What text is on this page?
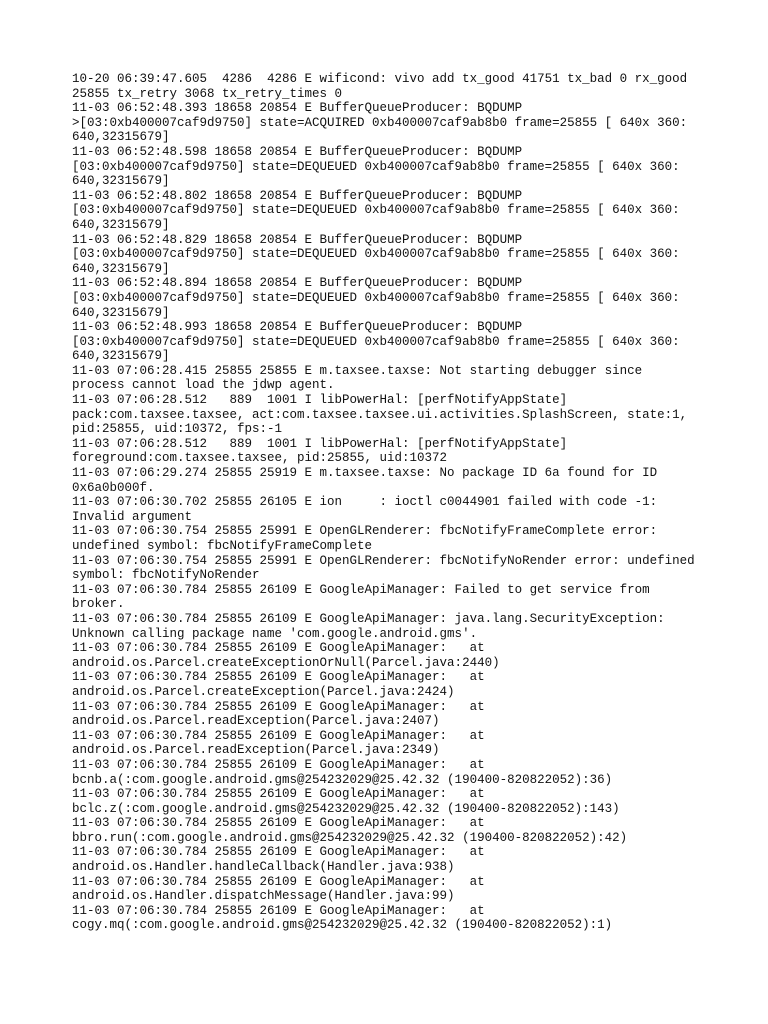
10-20 06:39:47.605  4286  4286 E wificond: vivo add tx_good 41751 tx_bad 0 rx_good
25855 tx_retry 3068 tx_retry_times 0
11-03 06:52:48.393 18658 20854 E BufferQueueProducer: BQDUMP
>[03:0xb400007caf9d9750] state=ACQUIRED 0xb400007caf9ab8b0 frame=25855 [ 640x 360:
640,32315679]
11-03 06:52:48.598 18658 20854 E BufferQueueProducer: BQDUMP
[03:0xb400007caf9d9750] state=DEQUEUED 0xb400007caf9ab8b0 frame=25855 [ 640x 360:
640,32315679]
11-03 06:52:48.802 18658 20854 E BufferQueueProducer: BQDUMP
[03:0xb400007caf9d9750] state=DEQUEUED 0xb400007caf9ab8b0 frame=25855 [ 640x 360:
640,32315679]
11-03 06:52:48.829 18658 20854 E BufferQueueProducer: BQDUMP
[03:0xb400007caf9d9750] state=DEQUEUED 0xb400007caf9ab8b0 frame=25855 [ 640x 360:
640,32315679]
11-03 06:52:48.894 18658 20854 E BufferQueueProducer: BQDUMP
[03:0xb400007caf9d9750] state=DEQUEUED 0xb400007caf9ab8b0 frame=25855 [ 640x 360:
640,32315679]
11-03 06:52:48.993 18658 20854 E BufferQueueProducer: BQDUMP
[03:0xb400007caf9d9750] state=DEQUEUED 0xb400007caf9ab8b0 frame=25855 [ 640x 360:
640,32315679]
11-03 07:06:28.415 25855 25855 E m.taxsee.taxse: Not starting debugger since
process cannot load the jdwp agent.
11-03 07:06:28.512   889  1001 I libPowerHal: [perfNotifyAppState]
pack:com.taxsee.taxsee, act:com.taxsee.taxsee.ui.activities.SplashScreen, state:1,
pid:25855, uid:10372, fps:-1
11-03 07:06:28.512   889  1001 I libPowerHal: [perfNotifyAppState]
foreground:com.taxsee.taxsee, pid:25855, uid:10372
11-03 07:06:29.274 25855 25919 E m.taxsee.taxse: No package ID 6a found for ID
0x6a0b000f.
11-03 07:06:30.702 25855 26105 E ion     : ioctl c0044901 failed with code -1:
Invalid argument
11-03 07:06:30.754 25855 25991 E OpenGLRenderer: fbcNotifyFrameComplete error:
undefined symbol: fbcNotifyFrameComplete
11-03 07:06:30.754 25855 25991 E OpenGLRenderer: fbcNotifyNoRender error: undefined
symbol: fbcNotifyNoRender
11-03 07:06:30.784 25855 26109 E GoogleApiManager: Failed to get service from
broker.
11-03 07:06:30.784 25855 26109 E GoogleApiManager: java.lang.SecurityException:
Unknown calling package name 'com.google.android.gms'.
11-03 07:06:30.784 25855 26109 E GoogleApiManager:   at
android.os.Parcel.createExceptionOrNull(Parcel.java:2440)
11-03 07:06:30.784 25855 26109 E GoogleApiManager:   at
android.os.Parcel.createException(Parcel.java:2424)
11-03 07:06:30.784 25855 26109 E GoogleApiManager:   at
android.os.Parcel.readException(Parcel.java:2407)
11-03 07:06:30.784 25855 26109 E GoogleApiManager:   at
android.os.Parcel.readException(Parcel.java:2349)
11-03 07:06:30.784 25855 26109 E GoogleApiManager:   at
bcnb.a(:com.google.android.gms@254232029@25.42.32 (190400-820822052):36)
11-03 07:06:30.784 25855 26109 E GoogleApiManager:   at
bclc.z(:com.google.android.gms@254232029@25.42.32 (190400-820822052):143)
11-03 07:06:30.784 25855 26109 E GoogleApiManager:   at
bbro.run(:com.google.android.gms@254232029@25.42.32 (190400-820822052):42)
11-03 07:06:30.784 25855 26109 E GoogleApiManager:   at
android.os.Handler.handleCallback(Handler.java:938)
11-03 07:06:30.784 25855 26109 E GoogleApiManager:   at
android.os.Handler.dispatchMessage(Handler.java:99)
11-03 07:06:30.784 25855 26109 E GoogleApiManager:   at
cogy.mq(:com.google.android.gms@254232029@25.42.32 (190400-820822052):1)
